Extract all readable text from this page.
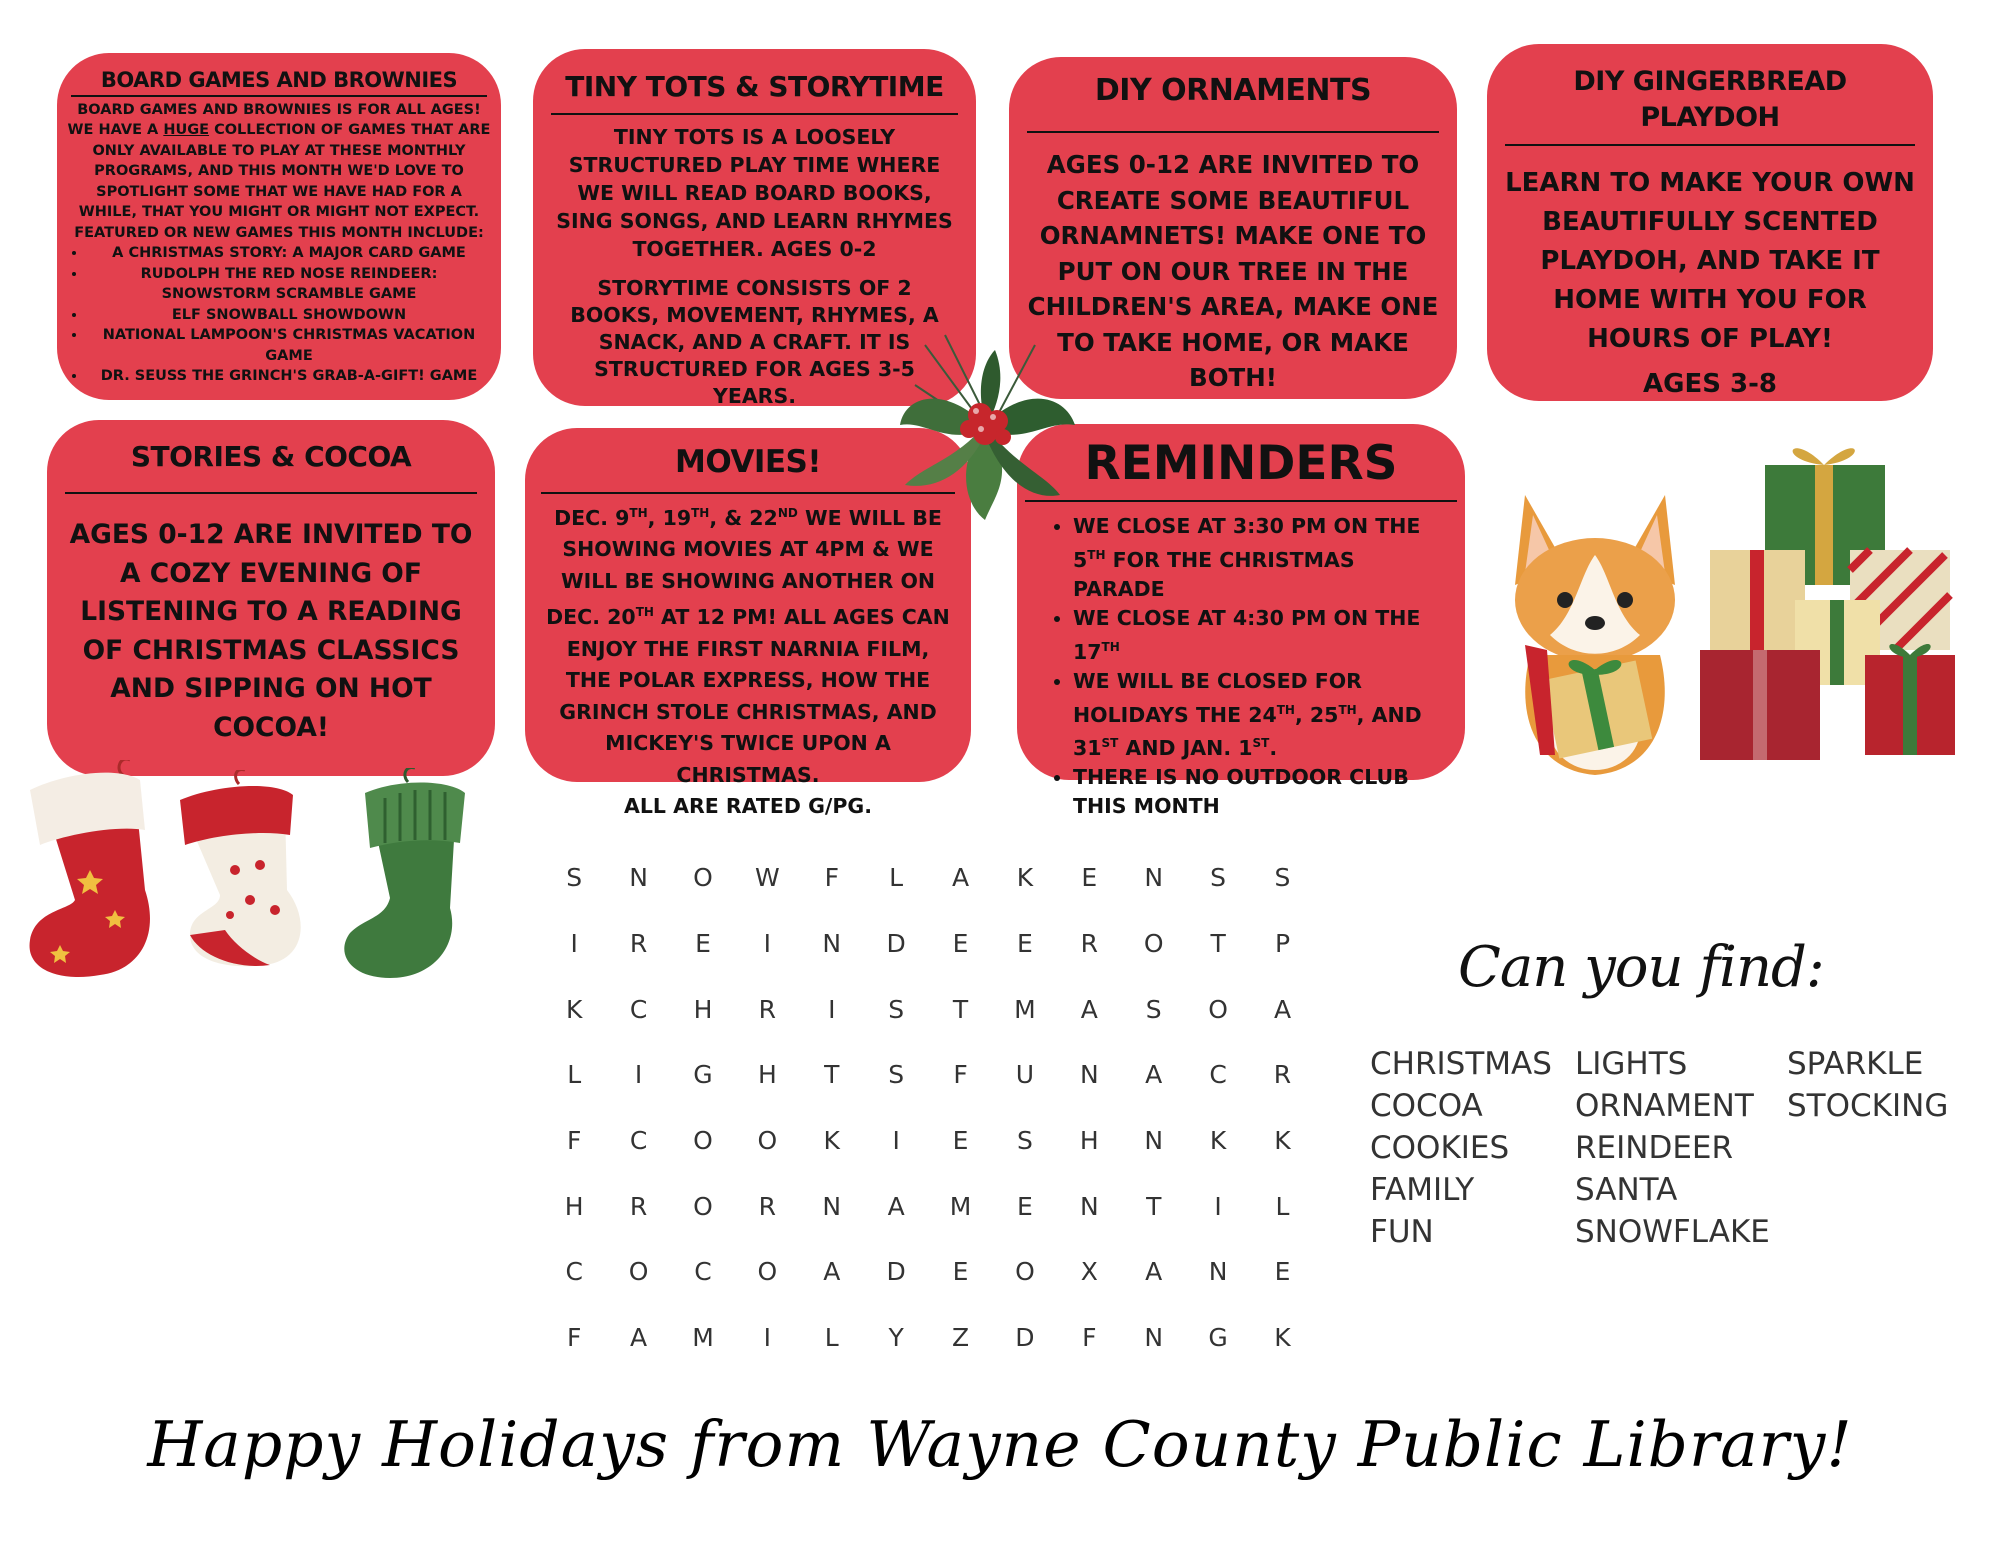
BOARD GAMES AND BROWNIES

BOARD GAMES AND BROWNIES IS FOR ALL AGES!

WE HAVE A HUGE COLLECTION OF GAMES THAT ARE ONLY AVAILABLE TO PLAY AT THESE MONTHLY PROGRAMS, AND THIS MONTH WE'D LOVE TO SPOTLIGHT SOME THAT WE HAVE HAD FOR A WHILE, THAT YOU MIGHT OR MIGHT NOT EXPECT.

FEATURED OR NEW GAMES THIS MONTH INCLUDE:

• A CHRISTMAS STORY: A MAJOR CARD GAME
• RUDOLPH THE RED NOSE REINDEER: SNOWSTORM SCRAMBLE GAME
• ELF SNOWBALL SHOWDOWN
• NATIONAL LAMPOON'S CHRISTMAS VACATION GAME
• DR. SEUSS THE GRINCH'S GRAB-A-GIFT! GAME
TINY TOTS & STORYTIME

TINY TOTS IS A LOOSELY STRUCTURED PLAY TIME WHERE WE WILL READ BOARD BOOKS, SING SONGS, AND LEARN RHYMES TOGETHER. AGES 0-2

STORYTIME CONSISTS OF 2 BOOKS, MOVEMENT, RHYMES, A SNACK, AND A CRAFT. IT IS STRUCTURED FOR AGES 3-5 YEARS.

DIY ORNAMENTS

AGES 0-12 ARE INVITED TO CREATE SOME BEAUTIFUL ORNAMNETS! MAKE ONE TO PUT ON OUR TREE IN THE CHILDREN'S AREA, MAKE ONE TO TAKE HOME, OR MAKE BOTH!

DIY GINGERBREAD PLAYDOH

LEARN TO MAKE YOUR OWN BEAUTIFULLY SCENTED PLAYDOH, AND TAKE IT HOME WITH YOU FOR HOURS OF PLAY!

AGES 3-8

STORIES & COCOA

AGES 0-12 ARE INVITED TO A COZY EVENING OF LISTENING TO A READING OF CHRISTMAS CLASSICS AND SIPPING ON HOT COCOA!

MOVIES!

DEC. 9TH, 19TH, & 22ND WE WILL BE SHOWING MOVIES AT 4PM & WE WILL BE SHOWING ANOTHER ON DEC. 20TH AT 12 PM! ALL AGES CAN ENJOY THE FIRST NARNIA FILM, THE POLAR EXPRESS, HOW THE GRINCH STOLE CHRISTMAS, AND MICKEY'S TWICE UPON A CHRISTMAS.
ALL ARE RATED G/PG.

REMINDERS
• WE CLOSE AT 3:30 PM ON THE 5TH FOR THE CHRISTMAS PARADE
• WE CLOSE AT 4:30 PM ON THE 17TH
• WE WILL BE CLOSED FOR HOLIDAYS THE 24TH, 25TH, AND 31ST AND JAN. 1ST.
• THERE IS NO OUTDOOR CLUB THIS MONTH
S	N	O	W	F	L	A	K	E	N	S	S
I	R	E	I	N	D	E	E	R	O	T	P
K	C	H	R	I	S	T	M	A	S	O	A
L	I	G	H	T	S	F	U	N	A	C	R
F	C	O	O	K	I	E	S	H	N	K	K
H	R	O	R	N	A	M	E	N	T	I	L
C	O	C	O	A	D	E	O	X	A	N	E
F	A	M	I	L	Y	Z	D	F	N	G	K
Can you find:
CHRISTMAS
COCOA
COOKIES
FAMILY
FUN
LIGHTS
ORNAMENT
REINDEER
SANTA
SNOWFLAKE
SPARKLE
STOCKING
Happy Holidays from Wayne County Public Library!
